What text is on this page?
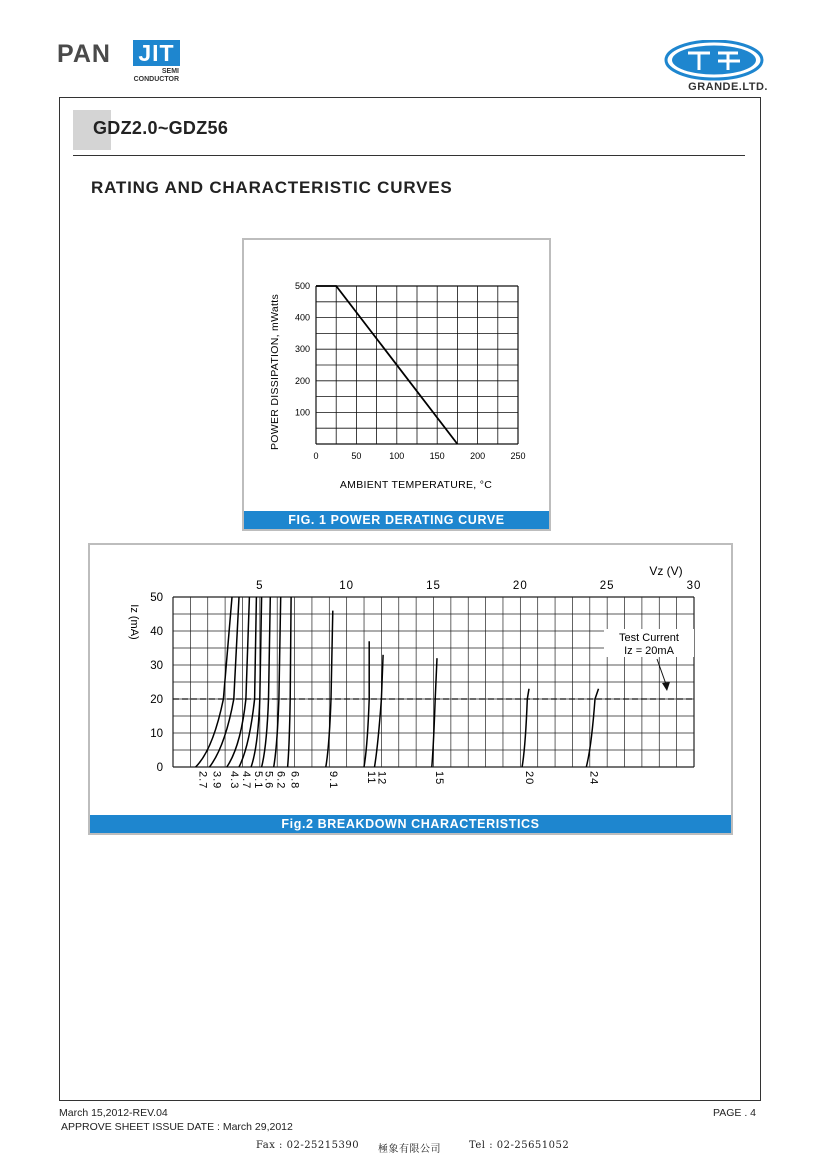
PAN JIT
SEMI
CONDUCTOR
GRANDE.LTD.
GDZ2.0~GDZ56
RATING AND CHARACTERISTIC CURVES
0	50	100	150	200	250
100
200
300
400
500
POWER DISSIPATION, mWatts
AMBIENT TEMPERATURE, °C
FIG. 1 POWER DERATING CURVE
5	10	15	20	25	30
0
10
20
30
40
50
2.7 3.9 4.3 4.7 5.1
5.6 6.2 6.8 9.1 11
12	15	20	24
Vz (V)
Iz (mA)	Test Current
Iz = 20mA
Fig.2 BREAKDOWN CHARACTERISTICS
March 15,2012-REV.04	PAGE . 4
APPROVE SHEET ISSUE DATE : March 29,2012
Fax : 02-25215390 極象有限公司	Tel : 02-25651052
